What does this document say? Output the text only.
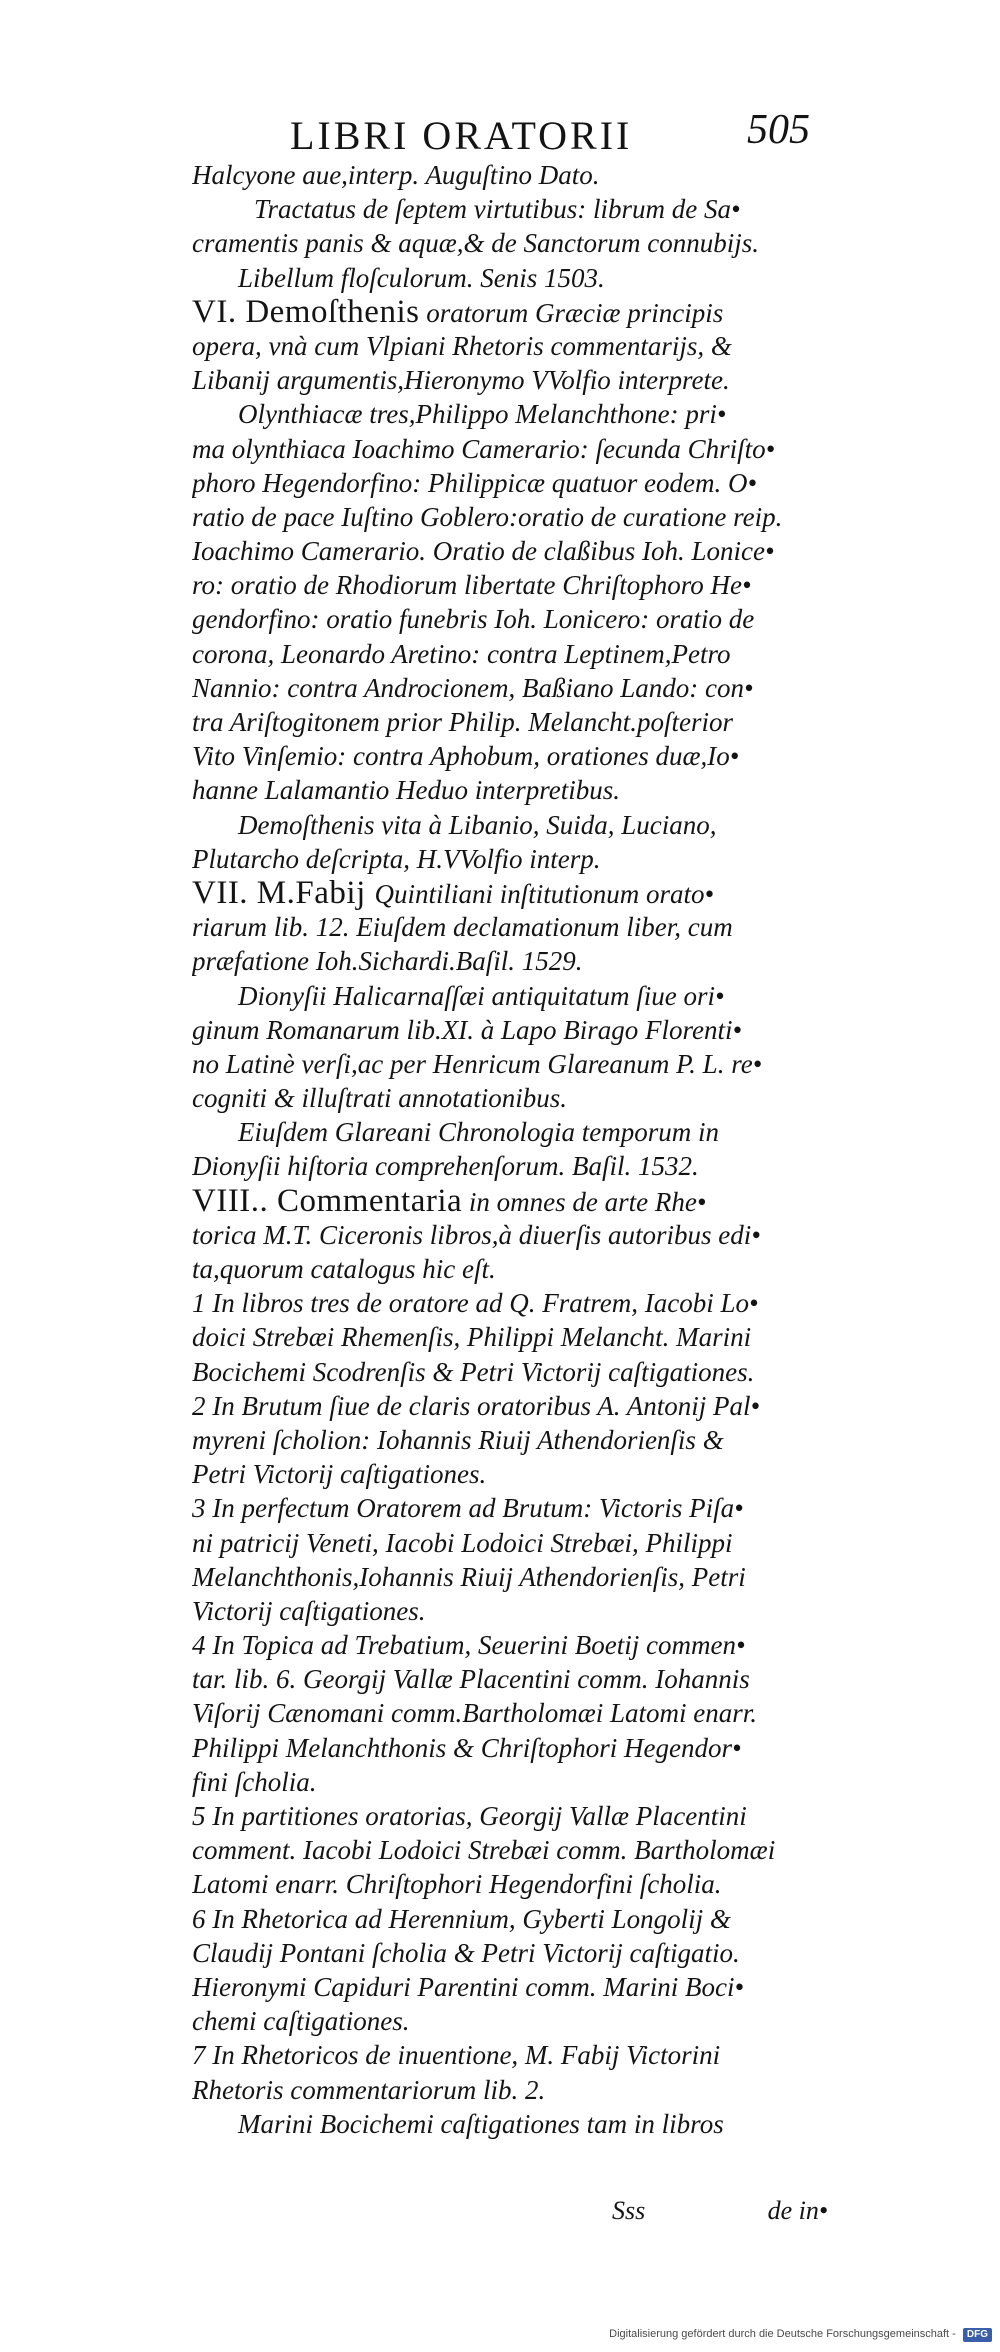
LIBRI ORATORII	505
Halcyone aue,interp. Auguſtino Dato.
Tractatus de ſeptem virtutibus: librum de Sa•
cramentis panis & aquæ,& de Sanctorum connubijs.
Libellum floſculorum. Senis 1503.
VI. Demoſthenis oratorum Græciæ principis
opera, vnà cum Vlpiani Rhetoris commentarijs, &
Libanij argumentis,Hieronymo VVolfio interprete.
Olynthiacæ tres,Philippo Melanchthone: pri•
ma olynthiaca Ioachimo Camerario: ſecunda Chriſto•
phoro Hegendorfino: Philippicæ quatuor eodem. O•
ratio de pace Iuſtino Goblero:oratio de curatione reip.
Ioachimo Camerario. Oratio de claßibus Ioh. Lonice•
ro: oratio de Rhodiorum libertate Chriſtophoro He•
gendorfino: oratio funebris Ioh. Lonicero: oratio de
corona, Leonardo Aretino: contra Leptinem,Petro
Nannio: contra Androcionem, Baßiano Lando: con•
tra Ariſtogitonem prior Philip. Melancht.poſterior
Vito Vinſemio: contra Aphobum, orationes duæ,Io•
hanne Lalamantio Heduo interpretibus.
Demoſthenis vita à Libanio, Suida, Luciano,
Plutarcho deſcripta, H.VVolfio interp.
VII. M.Fabij Quintiliani inſtitutionum orato•
riarum lib. 12. Eiuſdem declamationum liber, cum
præfatione Ioh.Sichardi.Baſil. 1529.
Dionyſii Halicarnaſſæi antiquitatum ſiue ori•
ginum Romanarum lib.XI. à Lapo Birago Florenti•
no Latinè verſi,ac per Henricum Glareanum P. L. re•
cogniti & illuſtrati annotationibus.
Eiuſdem Glareani Chronologia temporum in
Dionyſii hiſtoria comprehenſorum. Baſil. 1532.
VIII.. Commentaria in omnes de arte Rhe•
torica M.T. Ciceronis libros,à diuerſis autoribus edi•
ta,quorum catalogus hic eſt.
1 In libros tres de oratore ad Q. Fratrem, Iacobi Lo•
doici Strebæi Rhemenſis, Philippi Melancht. Marini
Bocichemi Scodrenſis & Petri Victorij caſtigationes.
2 In Brutum ſiue de claris oratoribus A. Antonij Pal•
myreni ſcholion: Iohannis Riuij Athendorienſis &
Petri Victorij caſtigationes.
3 In perfectum Oratorem ad Brutum: Victoris Piſa•
ni patricij Veneti, Iacobi Lodoici Strebæi, Philippi
Melanchthonis,Iohannis Riuij Athendorienſis, Petri
Victorij caſtigationes.
4 In Topica ad Trebatium, Seuerini Boetij commen•
tar. lib. 6. Georgij Vallæ Placentini comm. Iohannis
Viſorij Cænomani comm.Bartholomæi Latomi enarr.
Philippi Melanchthonis & Chriſtophori Hegendor•
fini ſcholia.
5 In partitiones oratorias, Georgij Vallæ Placentini
comment. Iacobi Lodoici Strebæi comm. Bartholomæi
Latomi enarr. Chriſtophori Hegendorfini ſcholia.
6 In Rhetorica ad Herennium, Gyberti Longolij &
Claudij Pontani ſcholia & Petri Victorij caſtigatio.
Hieronymi Capiduri Parentini comm. Marini Boci•
chemi caſtigationes.
7 In Rhetoricos de inuentione, M. Fabij Victorini
Rhetoris commentariorum lib. 2.
Marini Bocichemi caſtigationes tam in libros
Sss	de in•
Digitalisierung gefördert durch die Deutsche Forschungsgemeinschaft - DFG
